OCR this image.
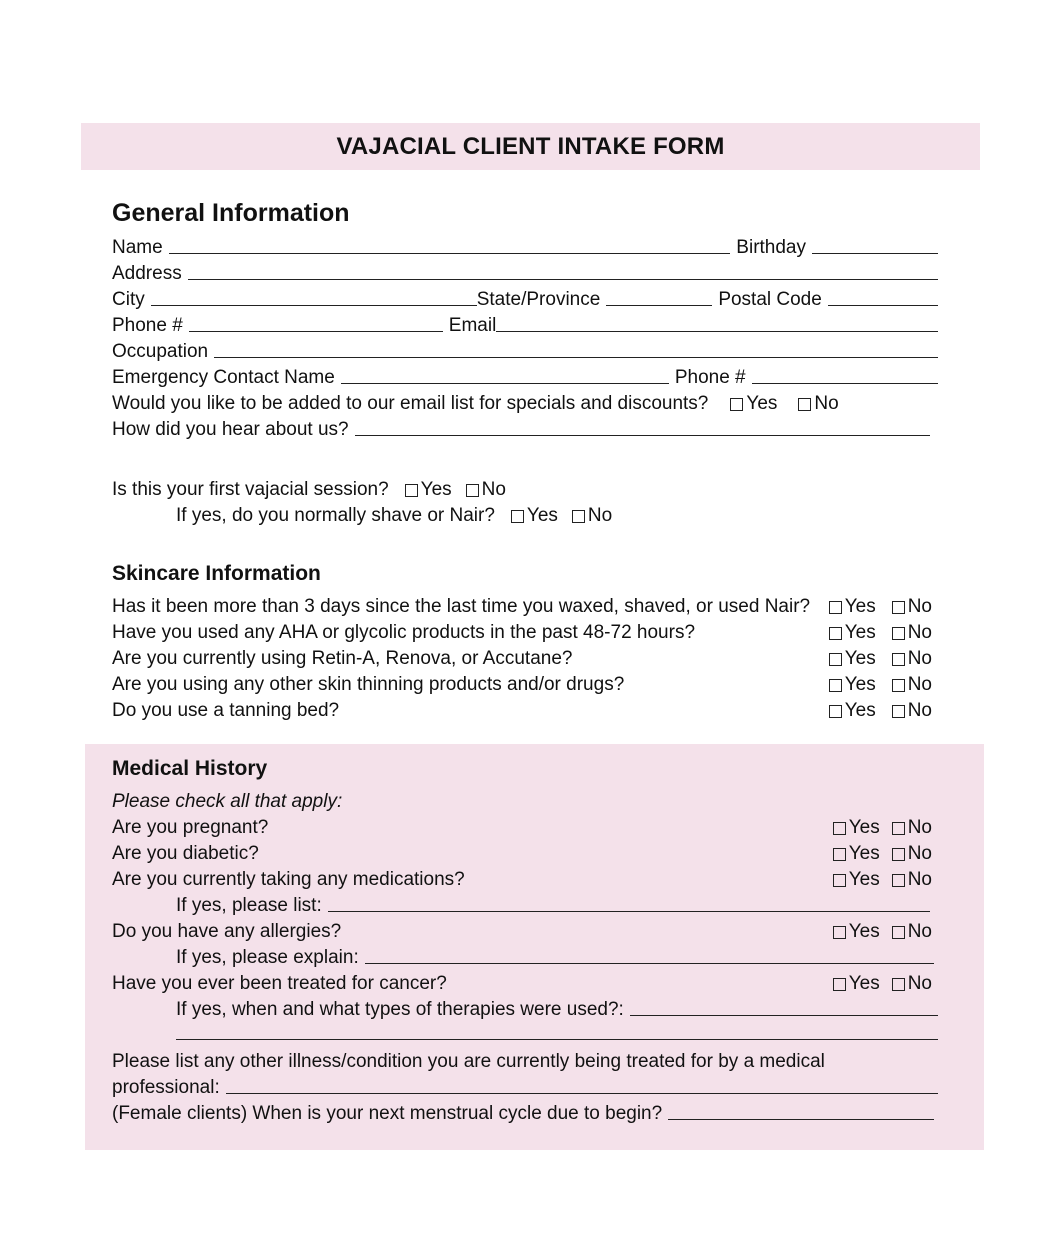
VAJACIAL CLIENT INTAKE FORM
General Information
Name	Birthday
Address
City	State/Province	Postal Code
Phone #	Email
Occupation
Emergency Contact Name	Phone #
Would you like to be added to our email list for specials and discounts? Yes No
How did you hear about us?
Is this your first vajacial session? Yes No
If yes, do you normally shave or Nair? Yes No
Skincare Information
Has it been more than 3 days since the last time you waxed, shaved, or used Nair? Yes No
Have you used any AHA or glycolic products in the past 48-72 hours?	Yes No
Are you currently using Retin-A, Renova, or Accutane?	Yes No
Are you using any other skin thinning products and/or drugs?	Yes No
Do you use a tanning bed?	Yes No
Medical History
Please check all that apply:
Are you pregnant?	Yes No
Are you diabetic?	Yes No
Are you currently taking any medications?	Yes No
If yes, please list:
Do you have any allergies?	Yes No
If yes, please explain:
Have you ever been treated for cancer?	Yes No
If yes, when and what types of therapies were used?:
Please list any other illness/condition you are currently being treated for by a medical
professional:
(Female clients) When is your next menstrual cycle due to begin?
